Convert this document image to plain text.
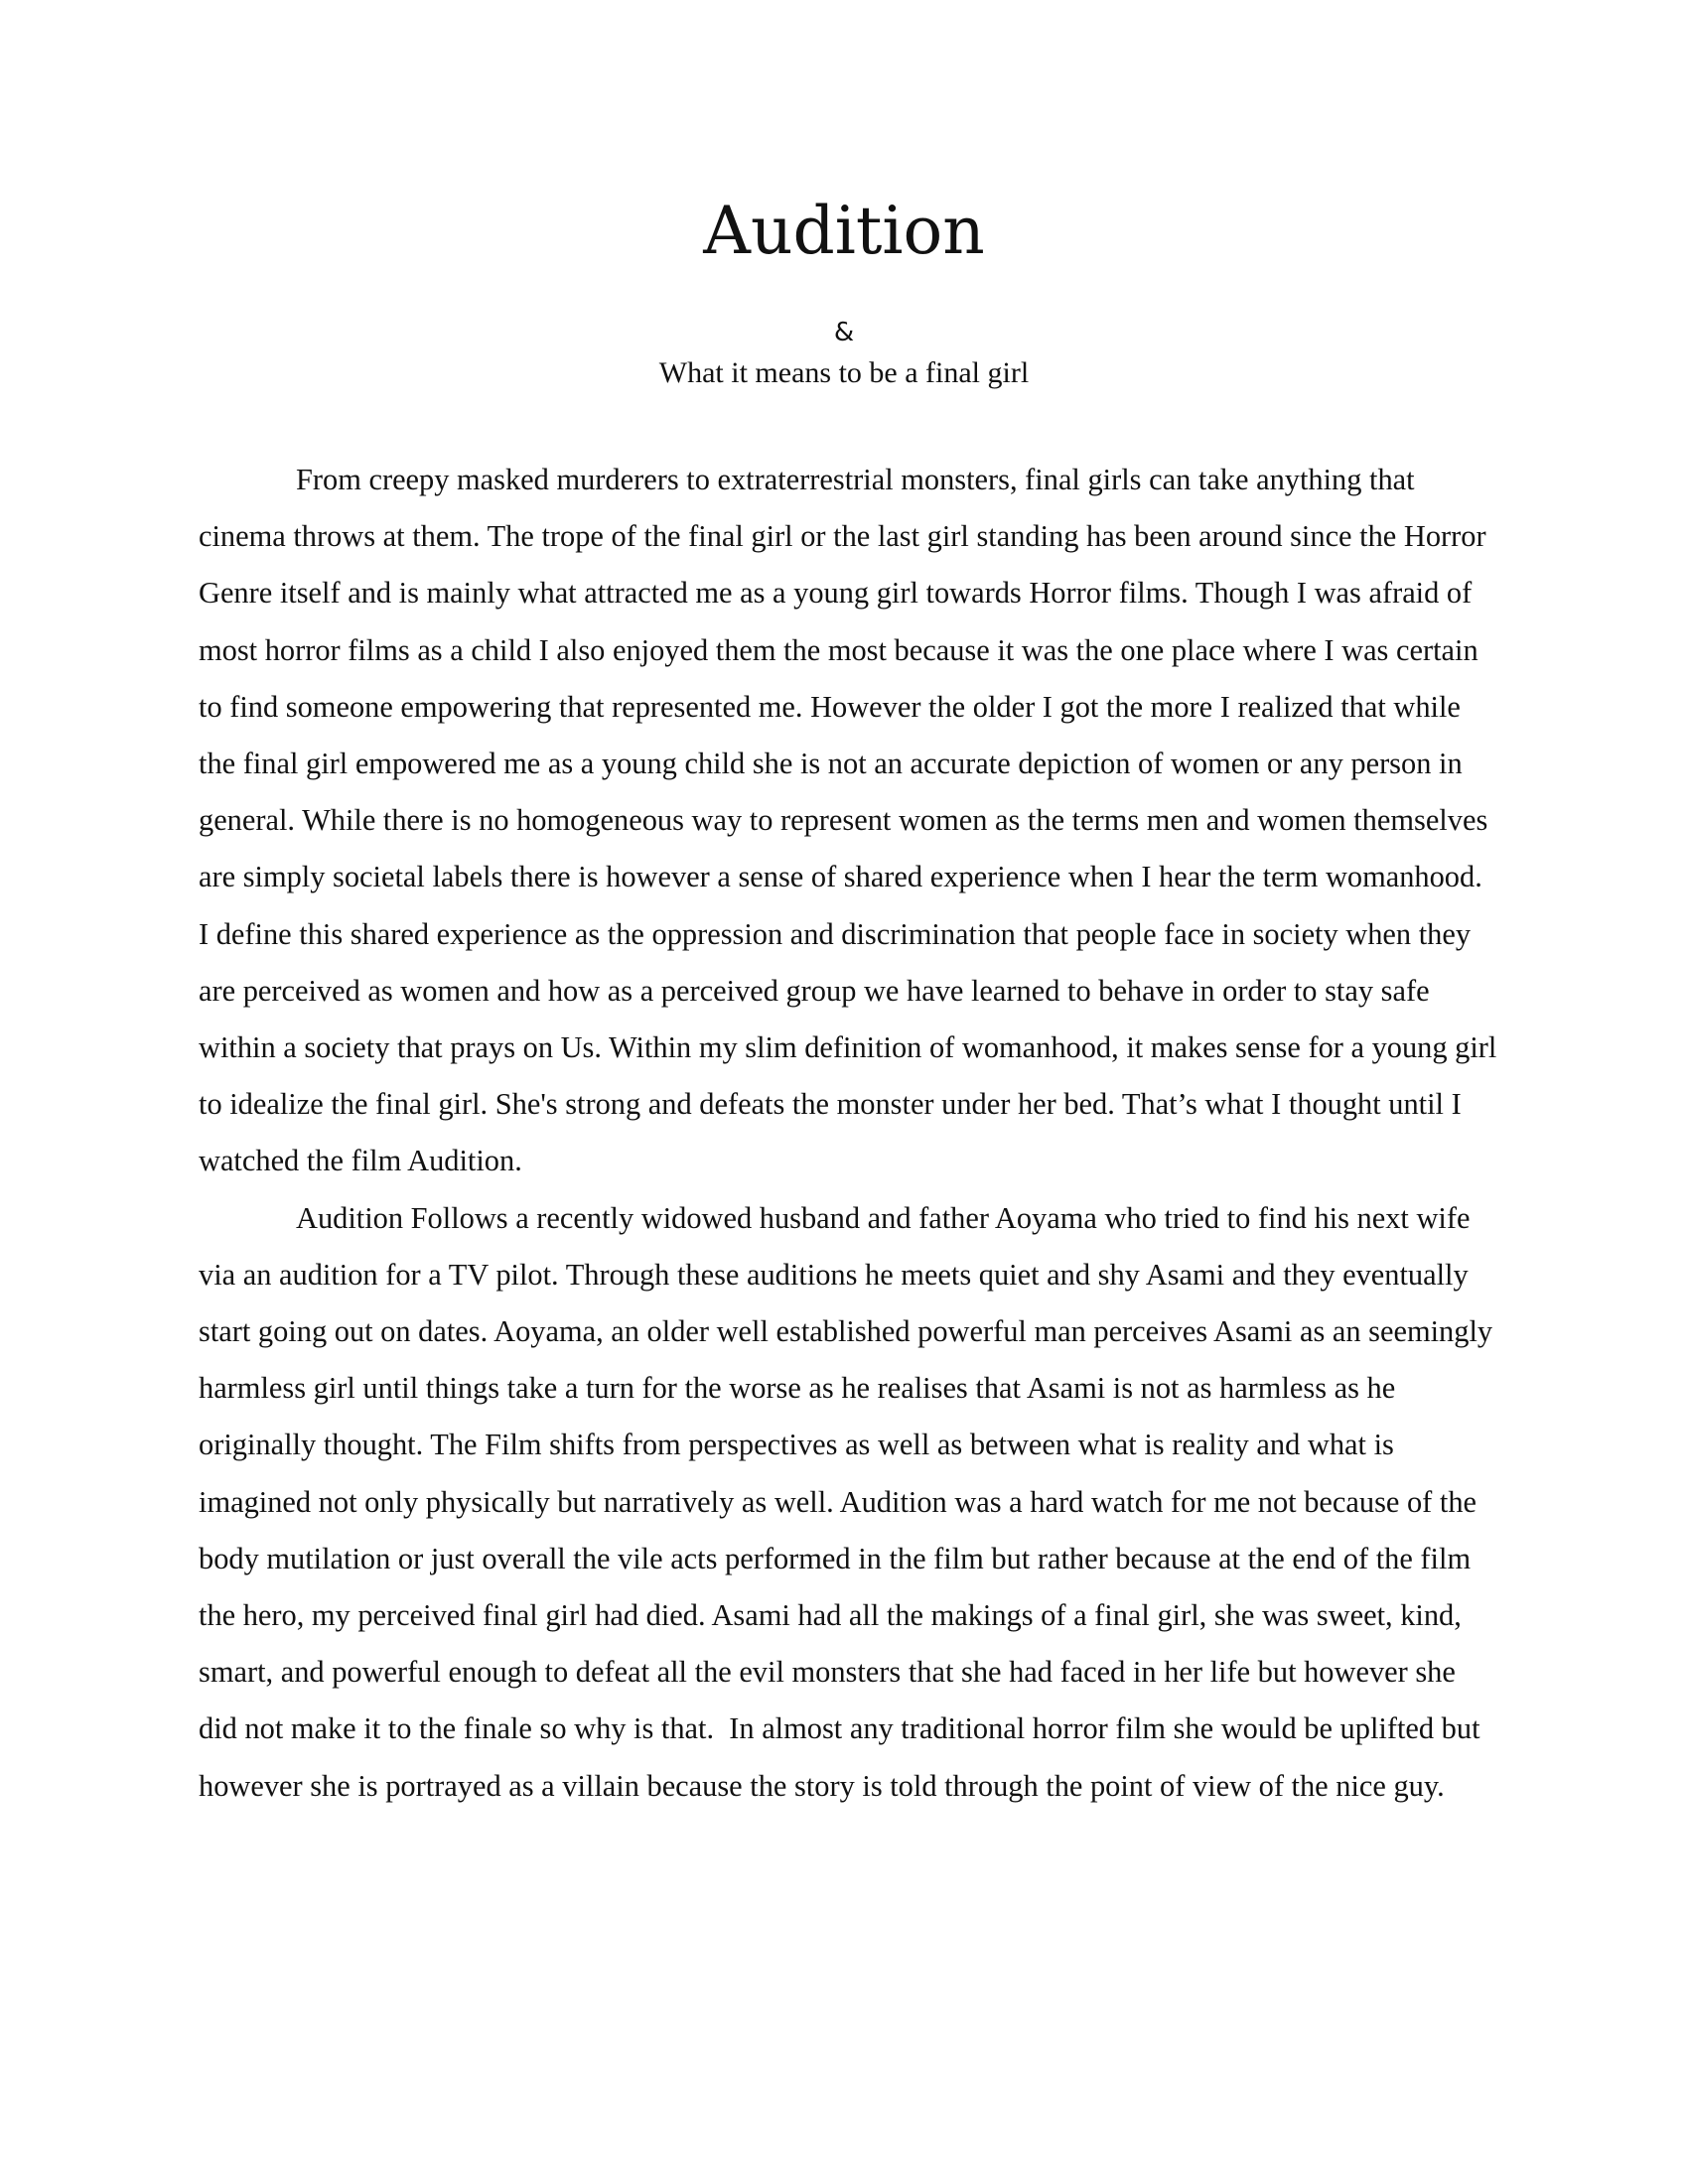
Audition
&
What it means to be a final girl

From creepy masked murderers to extraterrestrial monsters, final girls can take anything that cinema throws at them. The trope of the final girl or the last girl standing has been around since the Horror Genre itself and is mainly what attracted me as a young girl towards Horror films. Though I was afraid of most horror films as a child I also enjoyed them the most because it was the one place where I was certain to find someone empowering that represented me. However the older I got the more I realized that while the final girl empowered me as a young child she is not an accurate depiction of women or any person in general. While there is no homogeneous way to represent women as the terms men and women themselves are simply societal labels there is however a sense of shared experience when I hear the term womanhood.  I define this shared experience as the oppression and discrimination that people face in society when they are perceived as women and how as a perceived group we have learned to behave in order to stay safe within a society that prays on Us. Within my slim definition of womanhood, it makes sense for a young girl to idealize the final girl. She's strong and defeats the monster under her bed. That’s what I thought until I watched the film Audition.

Audition Follows a recently widowed husband and father Aoyama who tried to find his next wife via an audition for a TV pilot. Through these auditions he meets quiet and shy Asami and they eventually start going out on dates. Aoyama, an older well established powerful man perceives Asami as an seemingly harmless girl until things take a turn for the worse as he realises that Asami is not as harmless as he originally thought. The Film shifts from perspectives as well as between what is reality and what is imagined not only physically but narratively as well. Audition was a hard watch for me not because of the body mutilation or just overall the vile acts performed in the film but rather because at the end of the film the hero, my perceived final girl had died. Asami had all the makings of a final girl, she was sweet, kind, smart, and powerful enough to defeat all the evil monsters that she had faced in her life but however she did not make it to the finale so why is that.  In almost any traditional horror film she would be uplifted but however she is portrayed as a villain because the story is told through the point of view of the nice guy.
